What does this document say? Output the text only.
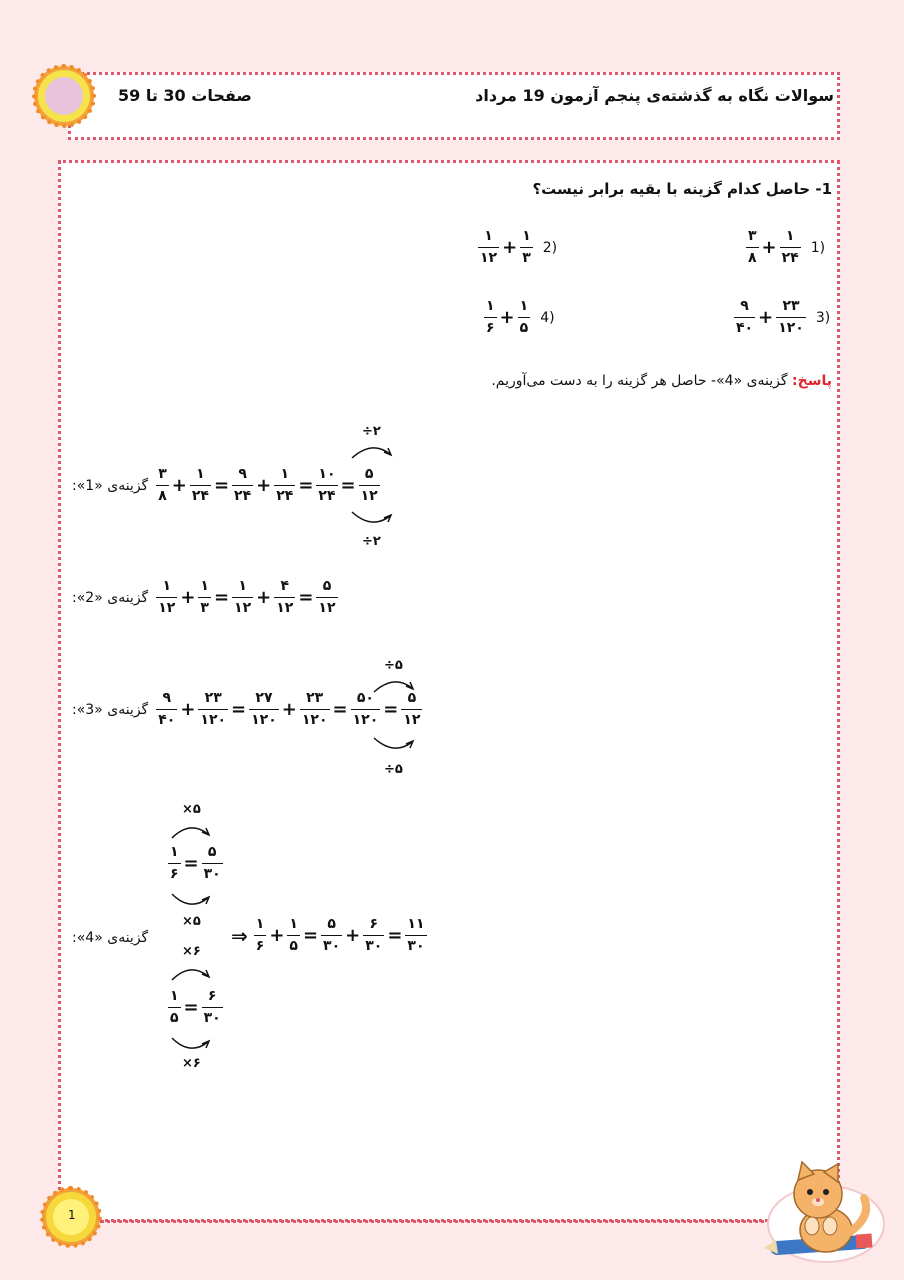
سوالات نگاه به گذشته‌ی پنجم آزمون 19 مرداد
صفحات 30 تا 59
1- حاصل کدام گزینه با بقیه برابر نیست؟
$\frac{۳}{۸} + \frac{۱}{۲۴} 1$)
$\frac{۱}{۱۲} + \frac{۱}{۳} 2$)
$\frac{۹}{۴۰} + \frac{۲۳}{۱۲۰} 3$)
$\frac{۱}{۶} + \frac{۱}{۵} 4$)
پاسخ: گزینه‌ی «4»- حاصل هر گزینه را به دست می‌آوریم.
گزینه‌ی «1»: $\frac{۳}{۸} + \frac{۱}{۲۴} = \frac{۹}{۲۴} + \frac{۱}{۲۴} = \frac{۱۰}{۲۴} = \frac{۵}{۱۲}$
÷۲
÷۲
گزینه‌ی «2»: $\frac{۱}{۱۲} + \frac{۱}{۳} = \frac{۱}{۱۲} + \frac{۴}{۱۲} = \frac{۵}{۱۲}$
گزینه‌ی «3»: $\frac{۹}{۴۰} + \frac{۲۳}{۱۲۰} = \frac{۲۷}{۱۲۰} + \frac{۲۳}{۱۲۰} = \frac{۵۰}{۱۲۰} = \frac{۵}{۱۲}$
÷۵
÷۵
×۵
$\frac{۱}{۶} = \frac{۵}{۳۰}$
×۵
گزینه‌ی «4»:
×۶
$\frac{۱}{۵} = \frac{۶}{۳۰}$
×۶
⇒ $\frac{۱}{۶} + \frac{۱}{۵} = \frac{۵}{۳۰} + \frac{۶}{۳۰} = \frac{۱۱}{۳۰}$
1
